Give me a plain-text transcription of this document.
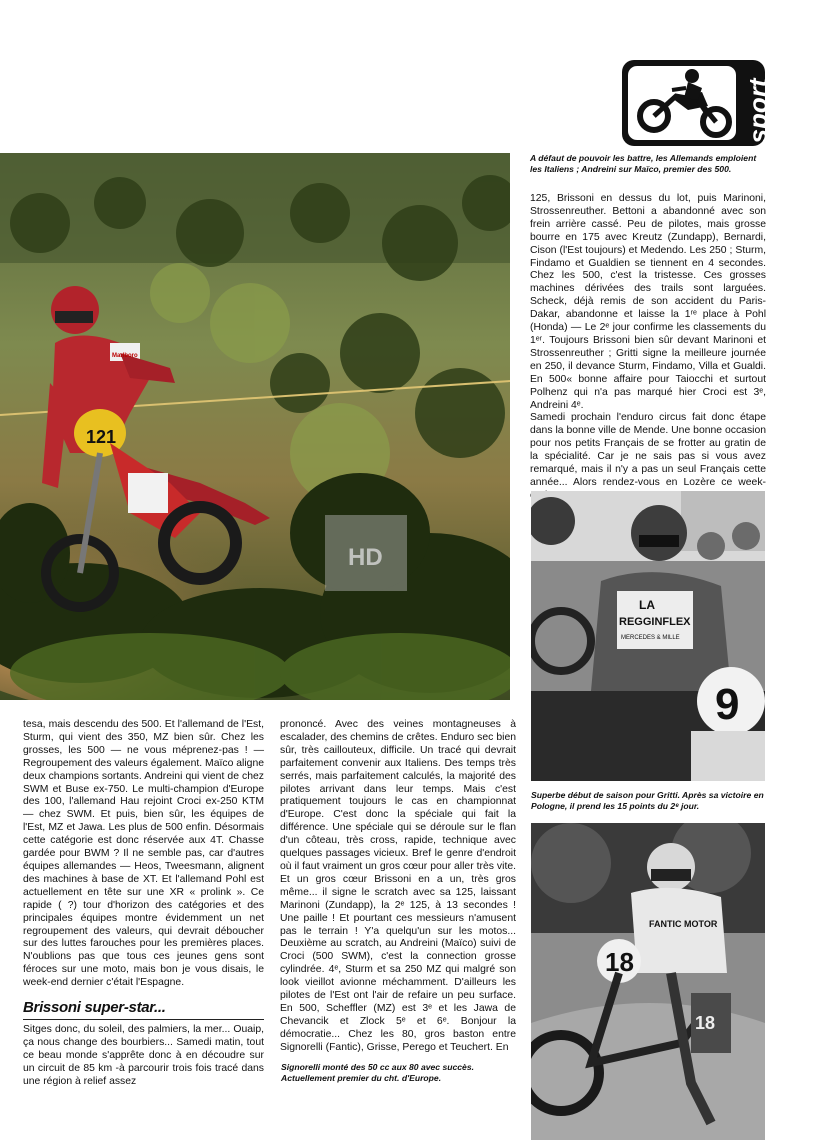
sport
121
Marlboro
HD

A défaut de pouvoir les battre, les Allemands emploient les Italiens ; Andreini sur Maïco, premier des 500.

125, Brissoni en dessus du lot, puis Marinoni, Strossenreuther. Bettoni a abandonné avec son frein arrière cassé. Peu de pilotes, mais grosse bourre en 175 avec Kreutz (Zundapp), Bernardi, Cison (l'Est toujours) et Medendo. Les 250 ; Sturm, Findamo et Gualdien se tiennent en 4 secondes. Chez les 500, c'est la tristesse. Ces grosses machines dérivées des trails sont larguées. Scheck, déjà remis de son accident du Paris-Dakar, abandonne et laisse la 1ʳᵉ place à Pohl (Honda) — Le 2ᵉ jour confirme les classements du 1ᵉʳ. Toujours Brissoni bien sûr devant Marinoni et Strossenreuther ; Gritti signe la meilleure journée en 250, il devance Sturm, Findamo, Villa et Gualdi. En 500« bonne affaire pour Taiocchi et surtout Polhenz qui n'a pas marqué hier Croci est 3ᵉ, Andreini 4ᵉ.

Samedi prochain l'enduro circus fait donc étape dans la bonne ville de Mende. Une bonne occasion pour nos petits Français de se frotter au gratin de la spécialité. Car je ne sais pas si vous avez remarqué, mais il n'y a pas un seul Français cette année... Alors rendez-vous en Lozère ce week-

LA
REGGINFLEX
MERCEDES & MILLE
9

Superbe début de saison pour Gritti. Après sa victoire en Pologne, il prend les 15 points du 2ᵉ jour.

FANTIC MOTOR
18
18

tesa, mais descendu des 500. Et l'allemand de l'Est, Sturm, qui vient des 350, MZ bien sûr. Chez les grosses, les 500 — ne vous méprenez-pas ! — Regroupement des valeurs également. Maïco aligne deux champions sortants. Andreini qui vient de chez SWM et Buse ex-750. Le multi-champion d'Europe des 100, l'allemand Hau rejoint Croci ex-250 KTM — chez SWM. Et puis, bien sûr, les équipes de l'Est, MZ et Jawa. Les plus de 500 enfin. Désormais cette catégorie est donc réservée aux 4T. Chasse gardée pour BWM ? Il ne semble pas, car d'autres équipes allemandes — Heos, Tweesmann, alignent des machines à base de XT. Et l'allemand Pohl est actuellement en tête sur une XR « prolink ». Ce rapide ( ?) tour d'horizon des catégories et des principales équipes montre évidemment un net regroupement des valeurs, qui devrait déboucher sur des luttes farouches pour les premières places. N'oublions pas que tous ces jeunes gens sont féroces sur une moto, mais bon je vous disais, le week-end dernier c'était l'Espagne.

Brissoni super-star...

Sitges donc, du soleil, des palmiers, la mer... Ouaip, ça nous change des bourbiers... Samedi matin, tout ce beau monde s'apprête donc à en découdre sur un circuit de 85 km -à parcourir trois fois tracé dans une région à relief assez

prononcé. Avec des veines montagneuses à escalader, des chemins de crêtes. Enduro sec bien sûr, très caillouteux, difficile. Un tracé qui devrait parfaitement convenir aux Italiens. Des temps très serrés, mais parfaitement calculés, la majorité des pilotes arrivant dans leur temps. Mais c'est pratiquement toujours le cas en championnat d'Europe. C'est donc la spéciale qui fait la différence. Une spéciale qui se déroule sur le flan d'un côteau, très cross, rapide, technique avec quelques passages vicieux. Bref le genre d'endroit où il faut vraiment un gros cœur pour aller très vite. Et un gros cœur Brissoni en a un, très gros même... il signe le scratch avec sa 125, laissant Marinoni (Zundapp), la 2ᵉ 125, à 13 secondes ! Une paille ! Et pourtant ces messieurs n'amusent pas le terrain ! Y'a quelqu'un sur les motos... Deuxième au scratch, au Andreini (Maïco) suivi de Croci (500 SWM), c'est la connection grosse cylindrée. 4ᵉ, Sturm et sa 250 MZ qui malgré son look vieillot avionne méchamment. D'ailleurs les pilotes de l'Est ont l'air de refaire un peu surface. En 500, Scheffler (MZ) est 3ᵉ et les Jawa de Chevancik et Zlock 5ᵉ et 6ᵉ. Bonjour la démocratie... Chez les 80, gros baston entre Signorelli (Fantic), Grisse, Perego et Teuchert. En

Signorelli monté des 50 cc aux 80 avec succès. Actuellement premier du cht. d'Europe.
